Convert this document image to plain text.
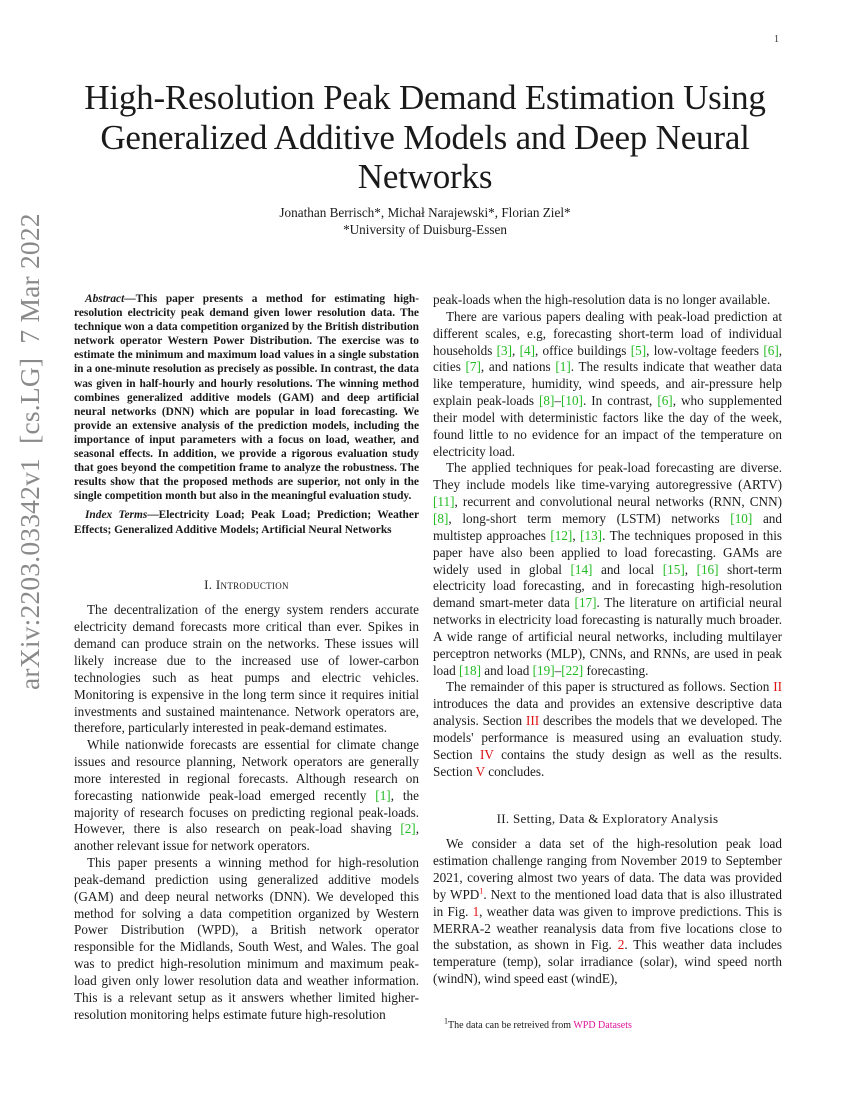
1
arXiv:2203.03342v1  [cs.LG]  7 Mar 2022
High-Resolution Peak Demand Estimation Using Generalized Additive Models and Deep Neural Networks
Jonathan Berrisch*, Michał Narajewski*, Florian Ziel*
*University of Duisburg-Essen

Abstract—This paper presents a method for estimating high-resolution electricity peak demand given lower resolution data. The technique won a data competition organized by the British distribution network operator Western Power Distribution. The exercise was to estimate the minimum and maximum load values in a single substation in a one-minute resolution as precisely as possible. In contrast, the data was given in half-hourly and hourly resolutions. The winning method combines generalized additive models (GAM) and deep artificial neural networks (DNN) which are popular in load forecasting. We provide an extensive analysis of the prediction models, including the importance of input parameters with a focus on load, weather, and seasonal effects. In addition, we provide a rigorous evaluation study that goes beyond the competition frame to analyze the robustness. The results show that the proposed methods are superior, not only in the single competition month but also in the meaningful evaluation study.

Index Terms—Electricity Load; Peak Load; Prediction; Weather Effects; Generalized Additive Models; Artificial Neural Networks

I. Introduction

The decentralization of the energy system renders accurate electricity demand forecasts more critical than ever. Spikes in demand can produce strain on the networks. These issues will likely increase due to the increased use of lower-carbon technologies such as heat pumps and electric vehicles. Monitoring is expensive in the long term since it requires initial investments and sustained maintenance. Network operators are, therefore, particularly interested in peak-demand estimates.

While nationwide forecasts are essential for climate change issues and resource planning, Network operators are generally more interested in regional forecasts. Although research on forecasting nationwide peak-load emerged recently [1], the majority of research focuses on predicting regional peak-loads. However, there is also research on peak-load shaving [2], another relevant issue for network operators.

This paper presents a winning method for high-resolution peak-demand prediction using generalized additive models (GAM) and deep neural networks (DNN). We developed this method for solving a data competition organized by Western Power Distribution (WPD), a British network operator responsible for the Midlands, South West, and Wales. The goal was to predict high-resolution minimum and maximum peak-load given only lower resolution data and weather information. This is a relevant setup as it answers whether limited higher-resolution monitoring helps estimate future high-resolution

peak-loads when the high-resolution data is no longer available.

There are various papers dealing with peak-load prediction at different scales, e.g, forecasting short-term load of individual households [3], [4], office buildings [5], low-voltage feeders [6], cities [7], and nations [1]. The results indicate that weather data like temperature, humidity, wind speeds, and air-pressure help explain peak-loads [8]–[10]. In contrast, [6], who supplemented their model with deterministic factors like the day of the week, found little to no evidence for an impact of the temperature on electricity load.

The applied techniques for peak-load forecasting are diverse. They include models like time-varying autoregressive (ARTV) [11], recurrent and convolutional neural networks (RNN, CNN) [8], long-short term memory (LSTM) networks [10] and multistep approaches [12], [13]. The techniques proposed in this paper have also been applied to load forecasting. GAMs are widely used in global [14] and local [15], [16] short-term electricity load forecasting, and in forecasting high-resolution demand smart-meter data [17]. The literature on artificial neural networks in electricity load forecasting is naturally much broader. A wide range of artificial neural networks, including multilayer perceptron networks (MLP), CNNs, and RNNs, are used in peak load [18] and load [19]–[22] forecasting.

The remainder of this paper is structured as follows. Section II introduces the data and provides an extensive descriptive data analysis. Section III describes the models that we developed. The models' performance is measured using an evaluation study. Section IV contains the study design as well as the results. Section V concludes.

II. Setting, Data & Exploratory Analysis

We consider a data set of the high-resolution peak load estimation challenge ranging from November 2019 to September 2021, covering almost two years of data. The data was provided by WPD$^1$. Next to the mentioned load data that is also illustrated in Fig. 1, weather data was given to improve predictions. This is MERRA-2 weather reanalysis data from five locations close to the substation, as shown in Fig. 2. This weather data includes temperature (temp), solar irradiance (solar), wind speed north (windN), wind speed east (windE),

$^1$The data can be retreived from WPD Datasets
